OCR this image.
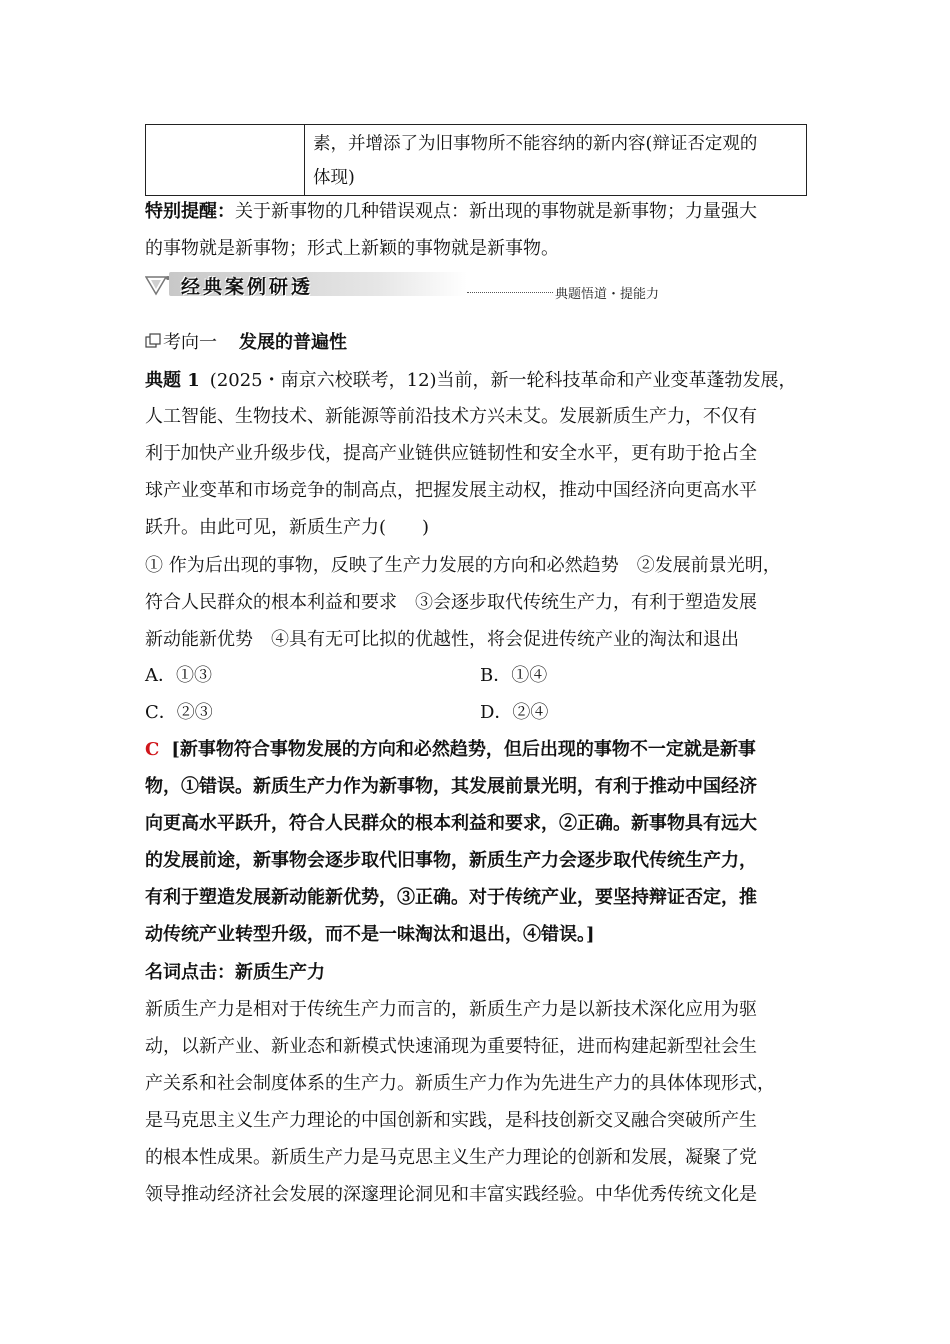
素，并增添了为旧事物所不能容纳的新内容(辩证否定观的
体现)
特别提醒：关于新事物的几种错误观点：新出现的事物就是新事物；力量强大
的事物就是新事物；形式上新颖的事物就是新事物。
经典案例研透	典题悟道・提能力
考向一 发展的普遍性
典题 1 (2025・南京六校联考，12)当前，新一轮科技革命和产业变革蓬勃发展，
人工智能、生物技术、新能源等前沿技术方兴未艾。发展新质生产力，不仅有
利于加快产业升级步伐，提高产业链供应链韧性和安全水平，更有助于抢占全
球产业变革和市场竞争的制高点，把握发展主动权，推动中国经济向更高水平
跃升。由此可见，新质生产力(　　)
① 作为后出现的事物，反映了生产力发展的方向和必然趋势　②发展前景光明，
符合人民群众的根本利益和要求　③会逐步取代传统生产力，有利于塑造发展
新动能新优势　④具有无可比拟的优越性，将会促进传统产业的淘汰和退出
A．①③	B．①④
C．②③	D．②④
C [新事物符合事物发展的方向和必然趋势，但后出现的事物不一定就是新事
物，①错误。新质生产力作为新事物，其发展前景光明，有利于推动中国经济
向更高水平跃升，符合人民群众的根本利益和要求，②正确。新事物具有远大
的发展前途，新事物会逐步取代旧事物，新质生产力会逐步取代传统生产力，
有利于塑造发展新动能新优势，③正确。对于传统产业，要坚持辩证否定，推
动传统产业转型升级，而不是一味淘汰和退出，④错误。]
名词点击：新质生产力
新质生产力是相对于传统生产力而言的，新质生产力是以新技术深化应用为驱
动，以新产业、新业态和新模式快速涌现为重要特征，进而构建起新型社会生
产关系和社会制度体系的生产力。新质生产力作为先进生产力的具体体现形式，
是马克思主义生产力理论的中国创新和实践，是科技创新交叉融合突破所产生
的根本性成果。新质生产力是马克思主义生产力理论的创新和发展，凝聚了党
领导推动经济社会发展的深邃理论洞见和丰富实践经验。中华优秀传统文化是
